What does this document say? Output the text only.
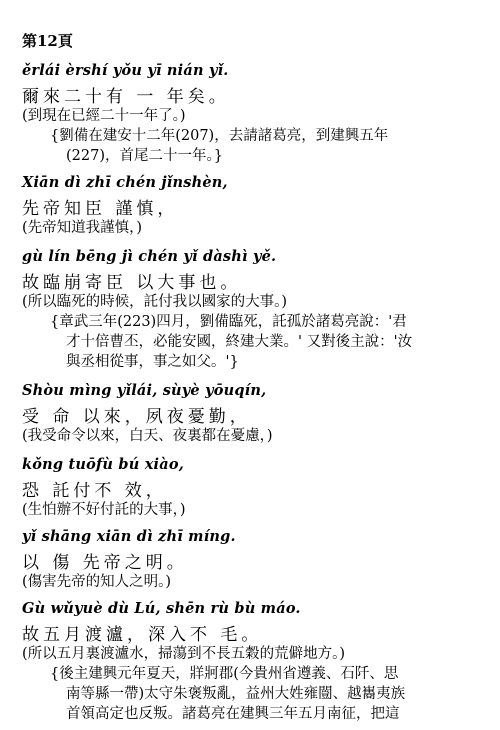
第12頁
ěrlái èrshí yǒu yī nián yǐ.
爾來二十有 一 年矣。
(到現在已經二十一年了。)
{劉備在建安十二年(207)，去請諸葛亮，到建興五年
(227)，首尾二十一年。}
Xiān dì zhī chén jǐnshèn,
先帝知臣 謹慎，
(先帝知道我謹慎，)
gù lín bēng jì chén yǐ dàshì yě.
故臨崩寄臣 以大事也。
(所以臨死的時候，託付我以國家的大事。)
{章武三年(223)四月，劉備臨死，託孤於諸葛亮說：'君
才十倍曹丕，必能安國，終建大業。' 又對後主說：'汝
與丞相從事，事之如父。'}
Shòu mìng yǐlái, sùyè yōuqín,
受 命 以來，夙夜憂勤，
(我受命令以來，白天、夜裏都在憂慮，)
kǒng tuōfù bú xiào,
恐 託付不 效，
(生怕辦不好付託的大事，)
yǐ shāng xiān dì zhī míng.
以 傷 先帝之明。
(傷害先帝的知人之明。)
Gù wǔyuè dù Lú, shēn rù bù máo.
故五月渡瀘，深入不 毛。
(所以五月裏渡瀘水，掃蕩到不長五穀的荒僻地方。)
{後主建興元年夏天，牂牁郡(今貴州省遵義、石阡、思
南等縣一帶)太守朱褒叛亂，益州大姓雍闓、越巂夷族
首領高定也反叛。諸葛亮在建興三年五月南征，把這
